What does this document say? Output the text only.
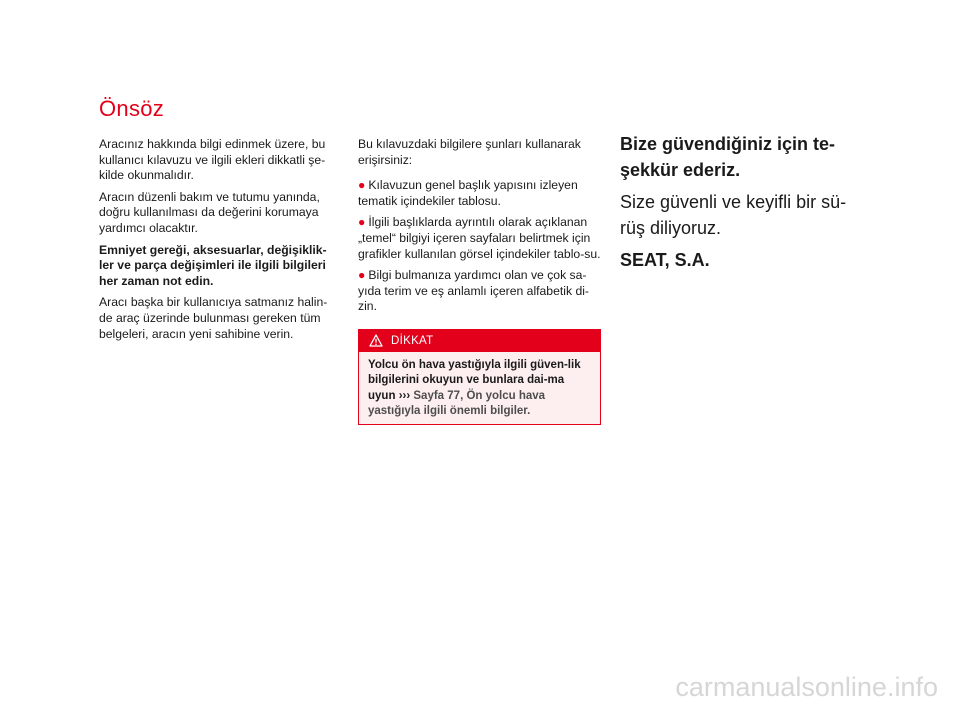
Önsöz

Aracınız hakkında bilgi edinmek üzere, bu kullanıcı kılavuzu ve ilgili ekleri dikkatli şe-kilde okunmalıdır.

Aracın düzenli bakım ve tutumu yanında, doğru kullanılması da değerini korumaya yardımcı olacaktır.

Emniyet gereği, aksesuarlar, değişiklik-ler ve parça değişimleri ile ilgili bilgileri her zaman not edin.

Aracı başka bir kullanıcıya satmanız halin-de araç üzerinde bulunması gereken tüm belgeleri, aracın yeni sahibine verin.

Bu kılavuzdaki bilgilere şunları kullanarak erişirsiniz:

● Kılavuzun genel başlık yapısını izleyen tematik içindekiler tablosu.

● İlgili başlıklarda ayrıntılı olarak açıklanan „temel“ bilgiyi içeren sayfaları belirtmek için grafikler kullanılan görsel içindekiler tablo-su.

● Bilgi bulmanıza yardımcı olan ve çok sa-yıda terim ve eş anlamlı içeren alfabetik di-zin.

DİKKAT
Yolcu ön hava yastığıyla ilgili güven-lik bilgilerini okuyun ve bunlara dai-ma uyun ››› Sayfa 77, Ön yolcu hava yastığıyla ilgili önemli bilgiler.

Bize güvendiğiniz için te-şekkür ederiz.

Size güvenli ve keyifli bir sü-rüş diliyoruz.

SEAT, S.A.

carmanualsonline.info
